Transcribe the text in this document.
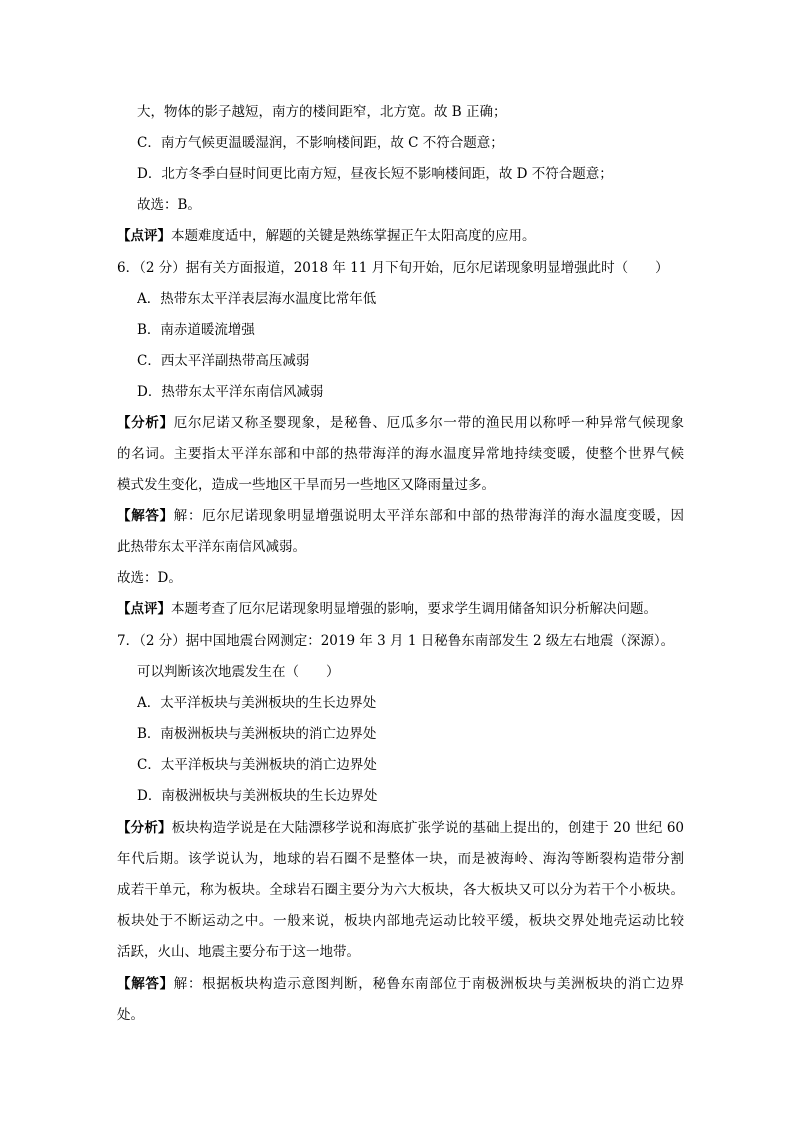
大，物体的影子越短，南方的楼间距窄，北方宽。故 B 正确；
C．南方气候更温暖湿润，不影响楼间距，故 C 不符合题意；
D．北方冬季白昼时间更比南方短，昼夜长短不影响楼间距，故 D 不符合题意；
故选：B。
【点评】本题难度适中，解题的关键是熟练掌握正午太阳高度的应用。
6．（2 分）据有关方面报道，2018 年 11 月下旬开始，厄尔尼诺现象明显增强此时（　　）
A．热带东太平洋表层海水温度比常年低
B．南赤道暖流增强
C．西太平洋副热带高压减弱
D．热带东太平洋东南信风减弱
【分析】厄尔尼诺又称圣婴现象，是秘鲁、厄瓜多尔一带的渔民用以称呼一种异常气候现象
的名词。主要指太平洋东部和中部的热带海洋的海水温度异常地持续变暖，使整个世界气候
模式发生变化，造成一些地区干旱而另一些地区又降雨量过多。
【解答】解：厄尔尼诺现象明显增强说明太平洋东部和中部的热带海洋的海水温度变暖，因
此热带东太平洋东南信风减弱。
故选：D。
【点评】本题考查了厄尔尼诺现象明显增强的影响，要求学生调用储备知识分析解决问题。
7．（2 分）据中国地震台网测定：2019 年 3 月 1 日秘鲁东南部发生 2 级左右地震（深源）。
可以判断该次地震发生在（　　）
A．太平洋板块与美洲板块的生长边界处
B．南极洲板块与美洲板块的消亡边界处
C．太平洋板块与美洲板块的消亡边界处
D．南极洲板块与美洲板块的生长边界处
【分析】板块构造学说是在大陆漂移学说和海底扩张学说的基础上提出的，创建于 20 世纪 60
年代后期。该学说认为，地球的岩石圈不是整体一块，而是被海岭、海沟等断裂构造带分割
成若干单元，称为板块。全球岩石圈主要分为六大板块，各大板块又可以分为若干个小板块。
板块处于不断运动之中。一般来说，板块内部地壳运动比较平缓，板块交界处地壳运动比较
活跃，火山、地震主要分布于这一地带。
【解答】解：根据板块构造示意图判断，秘鲁东南部位于南极洲板块与美洲板块的消亡边界
处。
